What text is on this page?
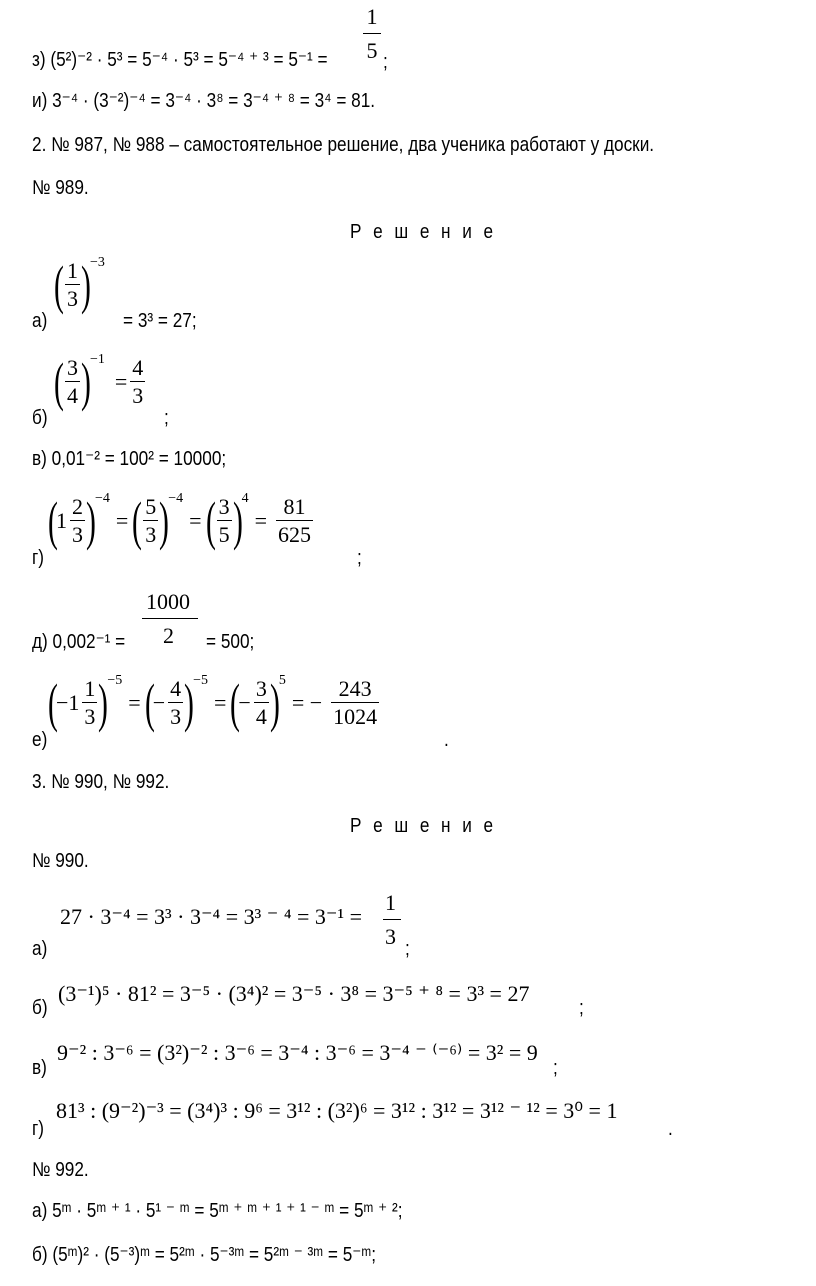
з) (5²)⁻² · 5³ = 5⁻⁴ · 5³ = 5⁻⁴ ⁺ ³ = 5⁻¹ =
1
5 ;
и) 3⁻⁴ · (3⁻²)⁻⁴ = 3⁻⁴ · 3⁸ = 3⁻⁴ ⁺ ⁸ = 3⁴ = 81.
2. № 987, № 988 – самостоятельное решение, два ученика работают у доски.
№ 989.
Р е ш е н и е
а)
( $\frac{1}{3}$ ) −3
= 3³ = 27;
б)
( $\frac{3}{4}$ ) −1
= $\frac{4}{3}$
;
в) 0,01⁻² = 100² = 10000;
г)
(
$1 \frac{2}{3}$ ) −4
= ( $\frac{5}{3}$ ) −4
= ( $\frac{3}{5}$ ) 4
= $\frac{81}{625}$
;
д) 0,002⁻¹ =
1000
2 = 500;
е)
(
$-1 \frac{1}{3}$ ) −5
= (
− $\frac{4}{3}$ ) −5
= (
− $\frac{3}{4}$ ) 5
= − $\frac{243}{1024}$
.
3. № 990, № 992.
Р е ш е н и е
№ 990.
а)
27 · 3⁻⁴ = 3³ · 3⁻⁴ = 3³ ⁻ ⁴ = 3⁻¹ =
1
3 ;
б)
(3⁻¹)⁵ · 81² = 3⁻⁵ · (3⁴)² = 3⁻⁵ · 3⁸ = 3⁻⁵ ⁺ ⁸ = 3³ = 27
;
в)
9⁻² : 3⁻⁶ = (3²)⁻² : 3⁻⁶ = 3⁻⁴ : 3⁻⁶ = 3⁻⁴ ⁻ ⁽⁻⁶⁾ = 3² = 9
;
г)
81³ : (9⁻²)⁻³ = (3⁴)³ : 9⁶ = 3¹² : (3²)⁶ = 3¹² : 3¹² = 3¹² ⁻ ¹² = 3⁰ = 1
.
№ 992.
а) 5ᵐ · 5ᵐ ⁺ ¹ · 5¹ ⁻ ᵐ = 5ᵐ ⁺ ᵐ ⁺ ¹ ⁺ ¹ ⁻ ᵐ = 5ᵐ ⁺ ²;
б) (5ᵐ)² · (5⁻³)ᵐ = 5²ᵐ · 5⁻³ᵐ = 5²ᵐ ⁻ ³ᵐ = 5⁻ᵐ;
